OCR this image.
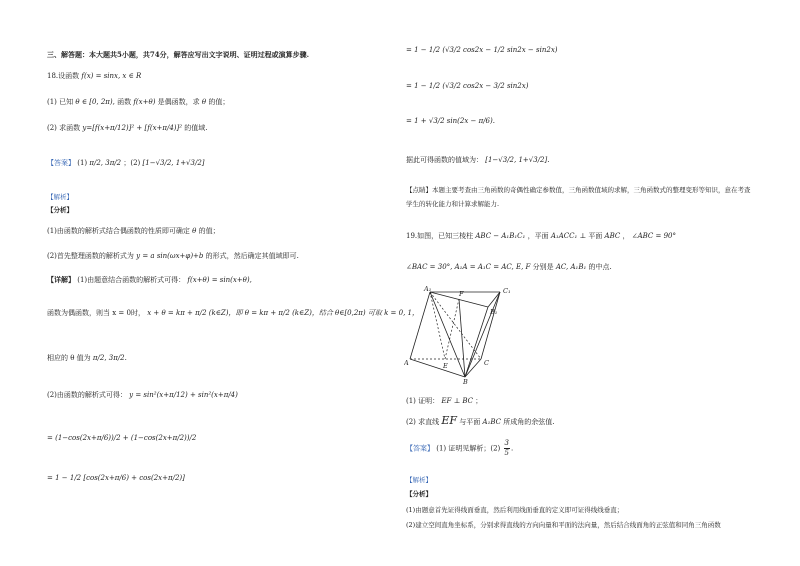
三、解答题：本大题共5小题，共74分，解答应写出文字说明、证明过程或演算步骤.
18.设函数 f(x) = sinx, x ∈ R
(1) 已知 θ ∈ [0, 2π), 函数 f(x+θ) 是偶函数，求 θ 的值；
(2) 求函数 y=[f(x+π/12)]² + [f(x+π/4)]² 的值域.
【答案】 (1) π/2, 3π/2 ；(2) [1−√3/2, 1+√3/2]
【解析】
【分析】
(1)由函数的解析式结合偶函数的性质即可确定 θ 的值；
(2)首先整理函数的解析式为 y = a sin(ωx+φ)+b 的形式，然后确定其值域即可.
【详解】 (1)由题意结合函数的解析式可得： f(x+θ) = sin(x+θ),
函数为偶函数，则当 x = 0时， x + θ = kπ + π/2 (k∈Z)，即 θ = kπ + π/2 (k∈Z)，结合 θ∈[0,2π) 可取 k = 0, 1，
相应的 θ 值为 π/2, 3π/2.
(2)由函数的解析式可得： y = sin²(x+π/12) + sin²(x+π/4)
= (1−cos(2x+π/6))/2 + (1−cos(2x+π/2))/2
= 1 − 1/2 [cos(2x+π/6) + cos(2x+π/2)]
= 1 − 1/2 (√3/2 cos2x − 1/2 sin2x − sin2x)
= 1 − 1/2 (√3/2 cos2x − 3/2 sin2x)
= 1 + √3/2 sin(2x − π/6).
据此可得函数的值域为： [1−√3/2, 1+√3/2].
【点睛】本题主要考查由三角函数的奇偶性确定参数值，三角函数值域的求解，三角函数式的整理变形等知识，意在考查学生的转化能力和计算求解能力.
19.如图，已知三棱柱 ABC − A₁B₁C₁ ，平面 A₁ACC₁ ⊥ 平面 ABC ， ∠ABC = 90°
∠BAC = 30°, A₁A = A₁C = AC, E, F 分别是 AC, A₁B₁ 的中点.
A₁
F	C₁
B₁
A	E	C
B
(1) 证明： EF ⊥ BC ；
(2) 求直线 EF 与平面 A₁BC 所成角的余弦值.
【答案】 (1) 证明见解析；$(2) \frac{3}{5}$ .
【解析】
【分析】
(1)由题意首先证得线面垂直，然后利用线面垂直的定义即可证得线线垂直；
(2)建立空间直角坐标系，分别求得直线的方向向量和平面的法向量，然后结合线面角的正弦值和同角三角函数
